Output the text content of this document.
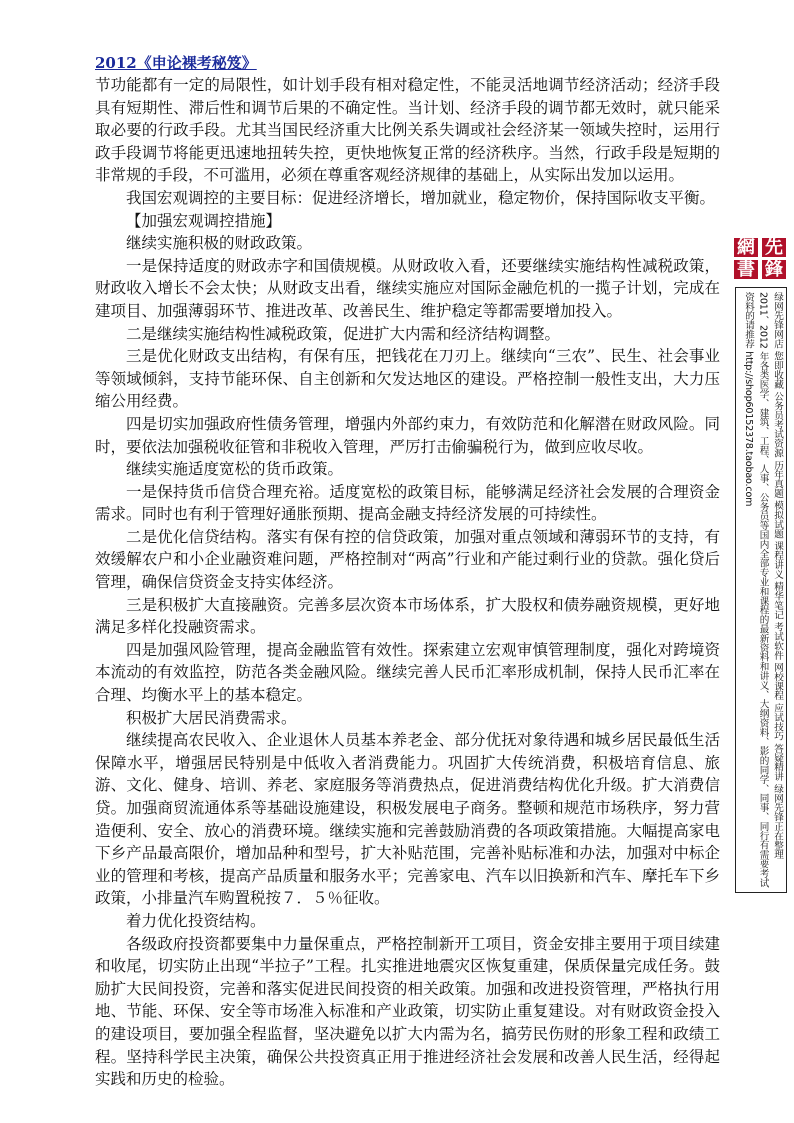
2012《申论裸考秘笈》

节功能都有一定的局限性，如计划手段有相对稳定性，不能灵活地调节经济活动；经济手段具有短期性、滞后性和调节后果的不确定性。当计划、经济手段的调节都无效时，就只能采取必要的行政手段。尤其当国民经济重大比例关系失调或社会经济某一领域失控时，运用行政手段调节将能更迅速地扭转失控，更快地恢复正常的经济秩序。当然，行政手段是短期的非常规的手段，不可滥用，必须在尊重客观经济规律的基础上，从实际出发加以运用。

我国宏观调控的主要目标：促进经济增长，增加就业，稳定物价，保持国际收支平衡。

【加强宏观调控措施】

继续实施积极的财政政策。

一是保持适度的财政赤字和国债规模。从财政收入看，还要继续实施结构性减税政策，财政收入增长不会太快；从财政支出看，继续实施应对国际金融危机的一揽子计划，完成在建项目、加强薄弱环节、推进改革、改善民生、维护稳定等都需要增加投入。

二是继续实施结构性减税政策，促进扩大内需和经济结构调整。

三是优化财政支出结构，有保有压，把钱花在刀刃上。继续向“三农”、民生、社会事业等领域倾斜，支持节能环保、自主创新和欠发达地区的建设。严格控制一般性支出，大力压缩公用经费。

四是切实加强政府性债务管理，增强内外部约束力，有效防范和化解潜在财政风险。同时，要依法加强税收征管和非税收入管理，严厉打击偷骗税行为，做到应收尽收。

继续实施适度宽松的货币政策。

一是保持货币信贷合理充裕。适度宽松的政策目标，能够满足经济社会发展的合理资金需求。同时也有利于管理好通胀预期、提高金融支持经济发展的可持续性。

二是优化信贷结构。落实有保有控的信贷政策，加强对重点领域和薄弱环节的支持，有效缓解农户和小企业融资难问题，严格控制对“两高”行业和产能过剩行业的贷款。强化贷后管理，确保信贷资金支持实体经济。

三是积极扩大直接融资。完善多层次资本市场体系，扩大股权和债券融资规模，更好地满足多样化投融资需求。

四是加强风险管理，提高金融监管有效性。探索建立宏观审慎管理制度，强化对跨境资本流动的有效监控，防范各类金融风险。继续完善人民币汇率形成机制，保持人民币汇率在合理、均衡水平上的基本稳定。

积极扩大居民消费需求。

继续提高农民收入、企业退休人员基本养老金、部分优抚对象待遇和城乡居民最低生活保障水平，增强居民特别是中低收入者消费能力。巩固扩大传统消费，积极培育信息、旅游、文化、健身、培训、养老、家庭服务等消费热点，促进消费结构优化升级。扩大消费信贷。加强商贸流通体系等基础设施建设，积极发展电子商务。整顿和规范市场秩序，努力营造便利、安全、放心的消费环境。继续实施和完善鼓励消费的各项政策措施。大幅提高家电下乡产品最高限价，增加品种和型号，扩大补贴范围，完善补贴标准和办法，加强对中标企业的管理和考核，提高产品质量和服务水平；完善家电、汽车以旧换新和汽车、摩托车下乡政策，小排量汽车购置税按７．５％征收。

着力优化投资结构。

各级政府投资都要集中力量保重点，严格控制新开工项目，资金安排主要用于项目续建和收尾，切实防止出现“半拉子”工程。扎实推进地震灾区恢复重建，保质保量完成任务。鼓励扩大民间投资，完善和落实促进民间投资的相关政策。加强和改进投资管理，严格执行用地、节能、环保、安全等市场准入标准和产业政策，切实防止重复建设。对有财政资金投入的建设项目，要加强全程监督，坚决避免以扩大内需为名，搞劳民伤财的形象工程和政绩工程。坚持科学民主决策，确保公共投资真正用于推进经济社会发展和改善人民生活，经得起实践和历史的检验。

先
鋒
網
書
绿网先锋网店 您即收藏 公务员考试资源 历年真题 模拟试题 课程讲义 精华笔记 考试软件 网校课程 应试技巧 答疑精讲 绿网先锋正在整理 2011、2012 年各类医学、建筑、工程、人事、公务员等国内全部专业和课程的最新资料和讲义、大纲资料、影的同学、同事、同行有需要考试资料的请推荐 http://shop60152378.taobao.com
